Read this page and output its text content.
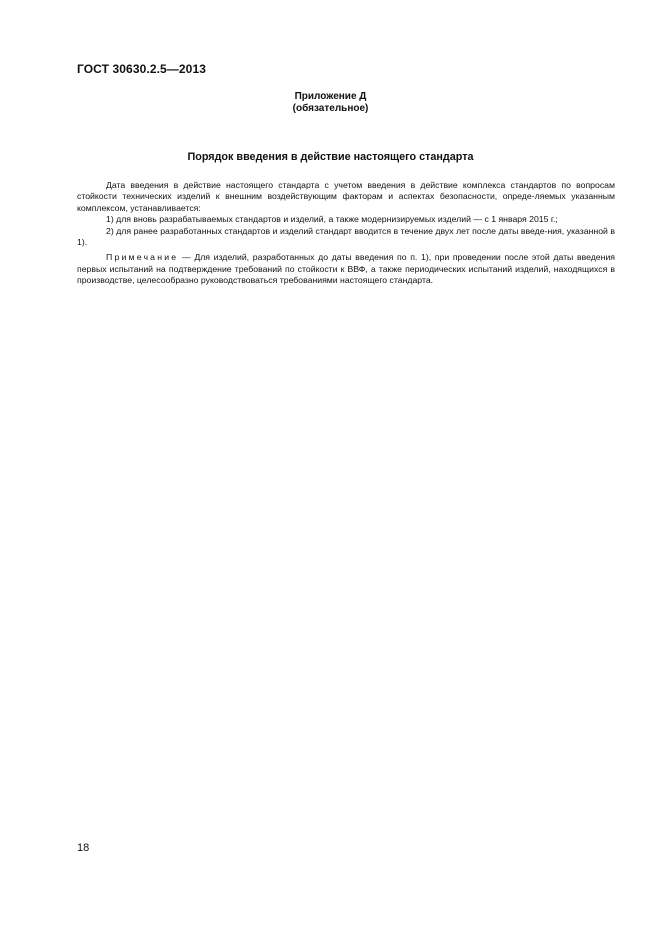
ГОСТ 30630.2.5—2013
Приложение Д
(обязательное)
Порядок введения в действие настоящего стандарта

Дата введения в действие настоящего стандарта с учетом введения в действие комплекса стандартов по вопросам стойкости технических изделий к внешним воздействующим факторам и аспектах безопасности, опреде-ляемых указанным комплексом, устанавливается:

1) для вновь разрабатываемых стандартов и изделий, а также модернизируемых изделий — с 1 января 2015 г.;

2) для ранее разработанных стандартов и изделий стандарт вводится в течение двух лет после даты введе-ния, указанной в 1).

Примечание — Для изделий, разработанных до даты введения по п. 1), при проведении после этой даты введения первых испытаний на подтверждение требований по стойкости к ВВФ, а также периодических испытаний изделий, находящихся в производстве, целесообразно руководствоваться требованиями настоящего стандарта.

18
